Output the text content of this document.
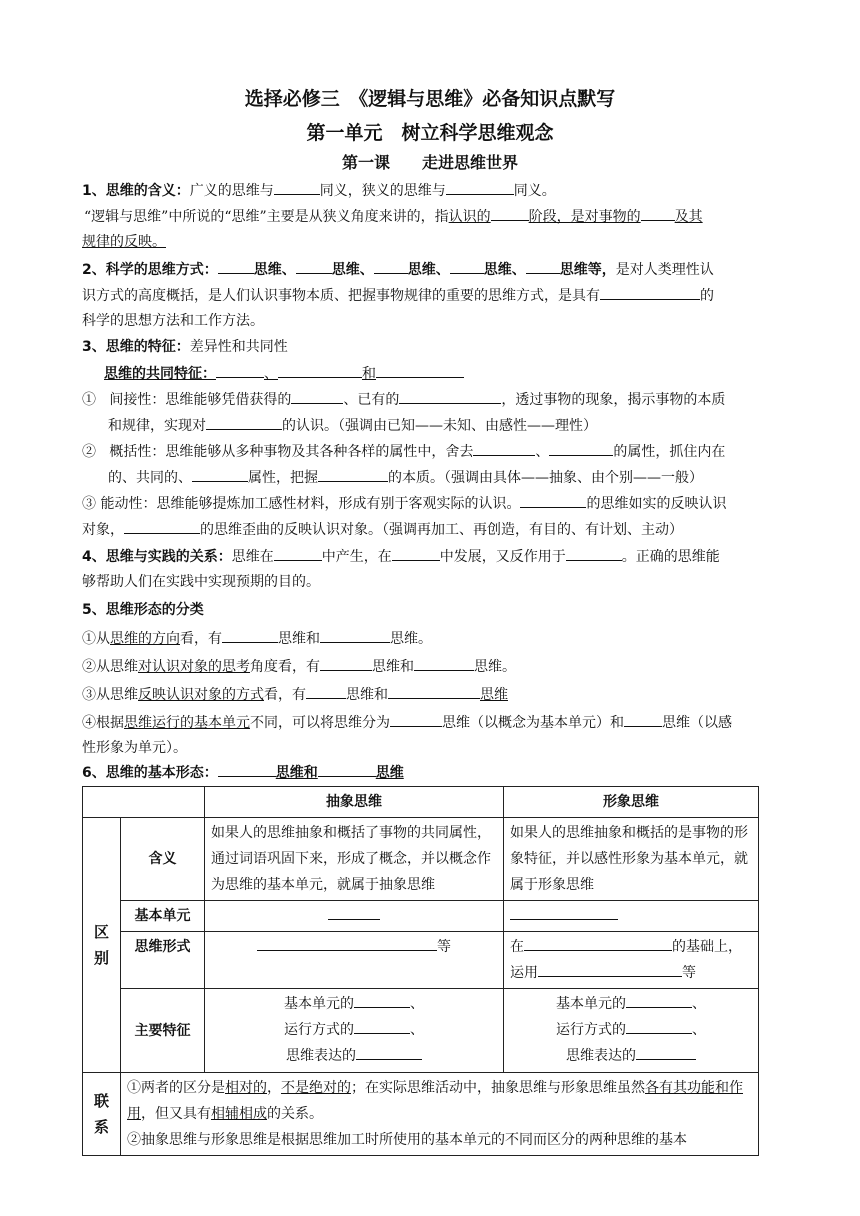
选择必修三　《逻辑与思维》必备知识点默写
第一单元　树立科学思维观念
第一课　　走进思维世界
1、思维的含义：广义的思维与	同义，狭义的思维与	同义。
“逻辑与思维”中所说的“思维”主要是从狭义角度来讲的，指认识的	阶段，是对事物的 及其
规律的反映。
2、科学的思维方式：	思维、	思维、 思维、 思维、 思维等，是对人类理性认
识方式的高度概括，是人们认识事物本质、把握事物规律的重要的思维方式，是具有	的
科学的思想方法和工作方法。
3、思维的特征：差异性和共同性
思维的共同特征：	、	和
① 间接性：思维能够凭借获得的	、已有的	，透过事物的现象，揭示事物的本质
和规律，实现对	的认识。（强调由已知——未知、由感性——理性）
② 概括性：思维能够从多种事物及其各种各样的属性中，舍去	、	的属性，抓住内在
的、共同的、	属性，把握	的本质。（强调由具体——抽象、由个别——一般）
③ 能动性：思维能够提炼加工感性材料，形成有别于客观实际的认识。	的思维如实的反映认识
对象，	的思维歪曲的反映认识对象。（强调再加工、再创造，有目的、有计划、主动）
4、思维与实践的关系：思维在	中产生，在	中发展，又反作用于	。正确的思维能
够帮助人们在实践中实现预期的目的。
5、思维形态的分类
①从思维的方向看，有	思维和	思维。
②从思维对认识对象的思考角度看，有	思维和	思维。
③从思维反映认识对象的方式看，有	思维和	思维
④根据思维运行的基本单元不同，可以将思维分为	思维（以概念为基本单元）和	思维（以感
性形象为单元）。
6、思维的基本形态：	思维和	思维
		抽象思维	形象思维
区别	含义	如果人的思维抽象和概括了事物的共同属性，通过词语巩固下来，形成了概念，并以概念作为思维的基本单元，就属于抽象思维	如果人的思维抽象和概括的是事物的形象特征，并以感性形象为基本单元，就属于形象思维
	基本单元		
	思维形式	等	在 的基础上，
运用 等
	主要特征	基本单元的 、
运行方式的 、
思维表达的	基本单元的 、
运行方式的 、
思维表达的
联系	①两者的区分是相对的，不是绝对的；在实际思维活动中，抽象思维与形象思维虽然各有其功能和作用，但又具有相辅相成的关系。
②抽象思维与形象思维是根据思维加工时所使用的基本单元的不同而区分的两种思维的基本		
